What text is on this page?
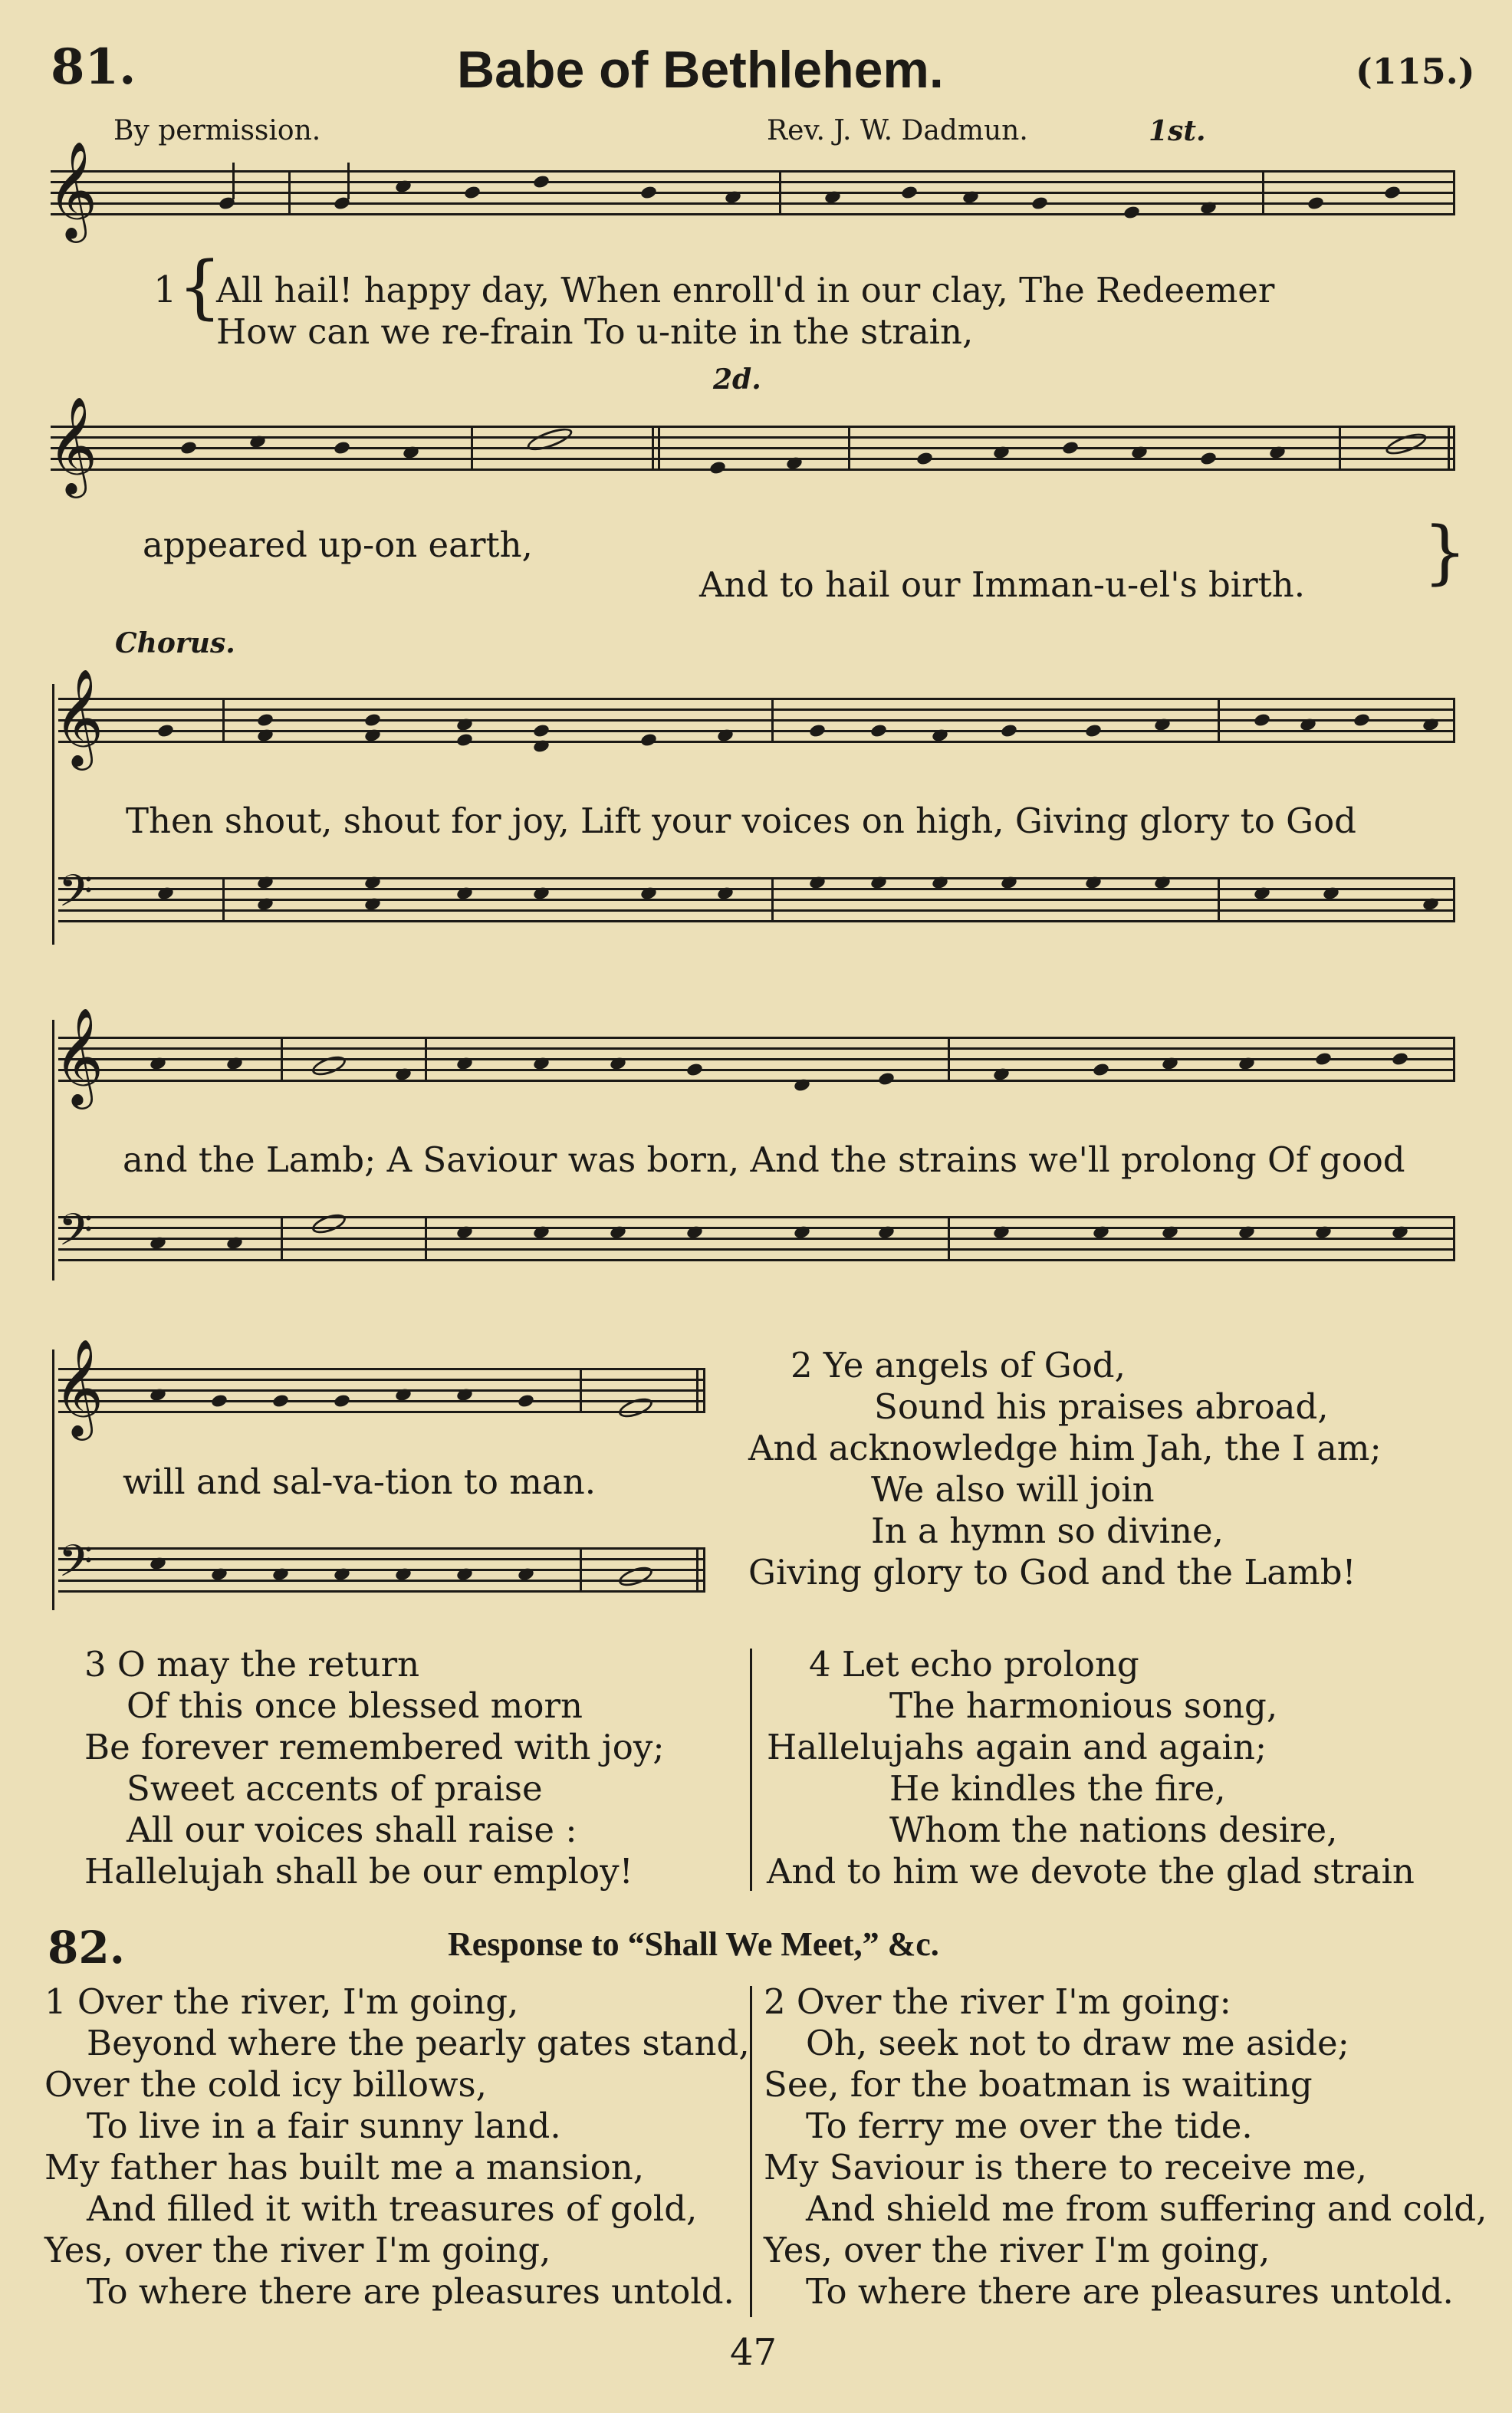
81.	Babe of Bethlehem.	(115.)
By permission.	Rev. J. W. Dadmun.	1st.
𝄞
1 {
All hail! happy day, When enroll'd in our clay, The Redeemer
How can we re-frain To u-nite in the strain,
2d.
𝄞
appeared up-on earth,
And to hail our Imman-u-el's birth. }
Chorus.
𝄞
Then shout, shout for joy, Lift your voices on high, Giving glory to God
𝄢
𝄞
and the Lamb; A Saviour was born, And the strains we'll prolong Of good
𝄢
𝄞
will and sal-va-tion to man.
𝄢
2 Ye angels of God,
Sound his praises abroad,
And acknowledge him Jah, the I am;
We also will join
In a hymn so divine,
Giving glory to God and the Lamb!
3 O may the return
Of this once blessed morn
Be forever remembered with joy;
Sweet accents of praise
All our voices shall raise :
Hallelujah shall be our employ!
4 Let echo prolong
The harmonious song,
Hallelujahs again and again;
He kindles the fire,
Whom the nations desire,
And to him we devote the glad strain
82.	Response to “Shall We Meet,” &c.
1 Over the river, I'm going,
Beyond where the pearly gates stand,
Over the cold icy billows,
To live in a fair sunny land.
My father has built me a mansion,
And filled it with treasures of gold,
Yes, over the river I'm going,
To where there are pleasures untold.
2 Over the river I'm going:
Oh, seek not to draw me aside;
See, for the boatman is waiting
To ferry me over the tide.
My Saviour is there to receive me,
And shield me from suffering and cold,
Yes, over the river I'm going,
To where there are pleasures untold.
47
